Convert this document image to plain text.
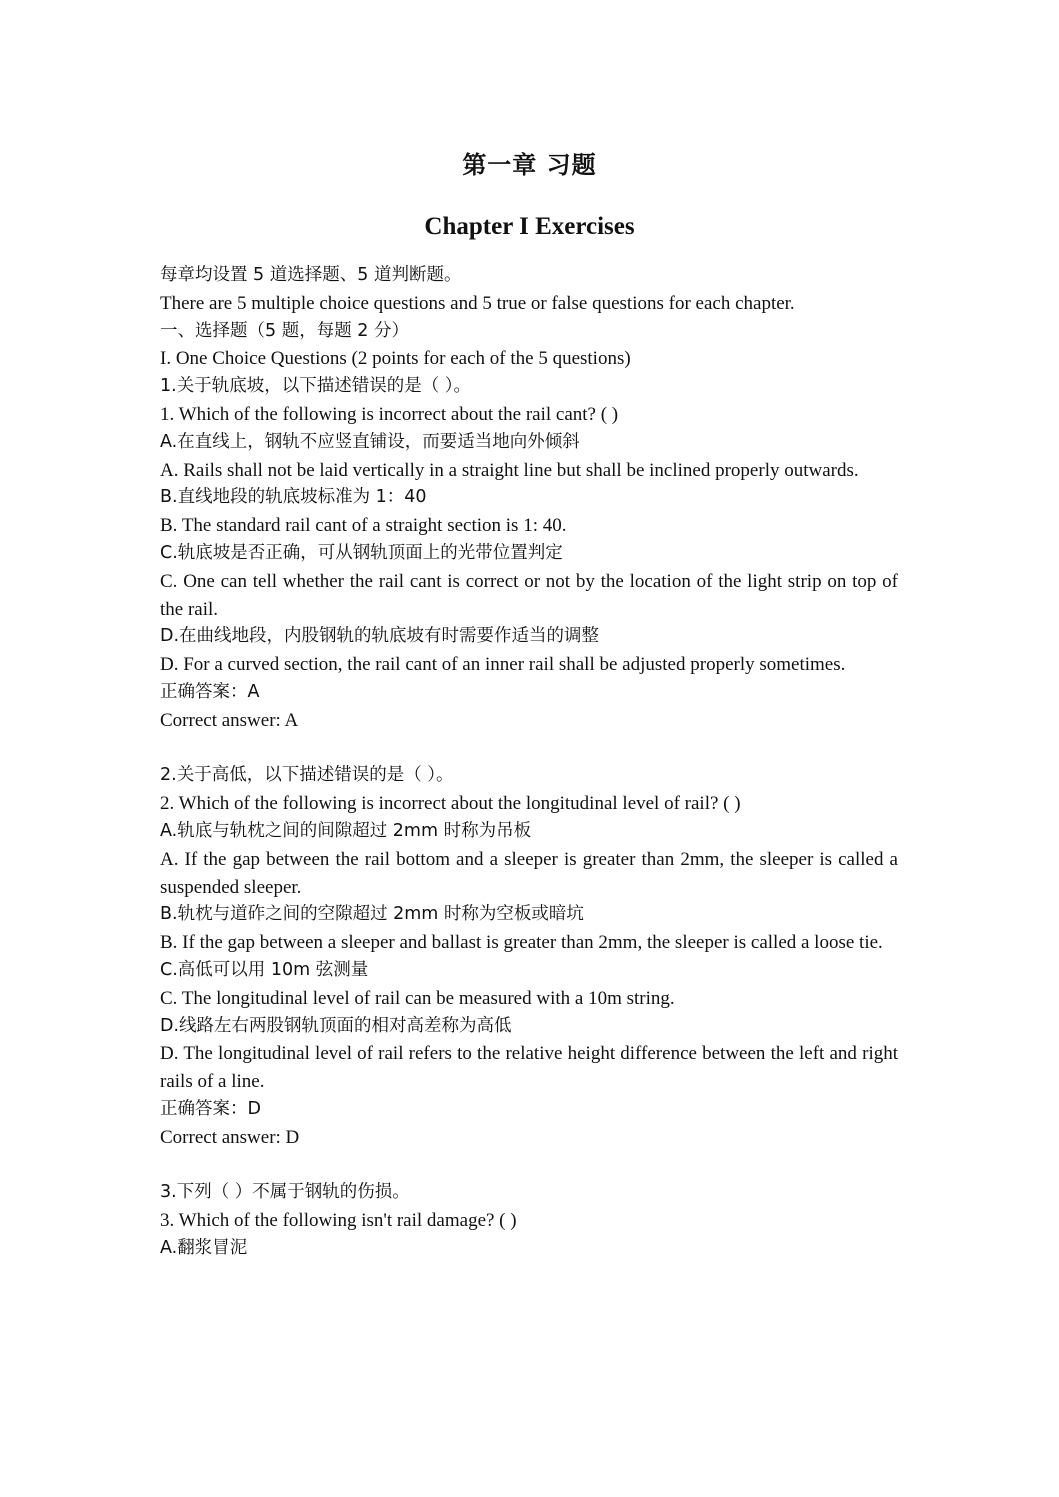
第一章 习题
Chapter I Exercises

每章均设置 5 道选择题、5 道判断题。

There are 5 multiple choice questions and 5 true or false questions for each chapter.

一、选择题（5 题，每题 2 分）

I. One Choice Questions (2 points for each of the 5 questions)

1.关于轨底坡，以下描述错误的是（ ）。

1. Which of the following is incorrect about the rail cant? ( )

A.在直线上，钢轨不应竖直铺设，而要适当地向外倾斜

A. Rails shall not be laid vertically in a straight line but shall be inclined properly outwards.

B.直线地段的轨底坡标准为 1：40

B. The standard rail cant of a straight section is 1: 40.

C.轨底坡是否正确，可从钢轨顶面上的光带位置判定

C. One can tell whether the rail cant is correct or not by the location of the light strip on top of the rail.

D.在曲线地段，内股钢轨的轨底坡有时需要作适当的调整

D. For a curved section, the rail cant of an inner rail shall be adjusted properly sometimes.

正确答案：A

Correct answer: A

2.关于高低，以下描述错误的是（ ）。

2. Which of the following is incorrect about the longitudinal level of rail? ( )

A.轨底与轨枕之间的间隙超过 2mm 时称为吊板

A. If the gap between the rail bottom and a sleeper is greater than 2mm, the sleeper is called a suspended sleeper.

B.轨枕与道砟之间的空隙超过 2mm 时称为空板或暗坑

B. If the gap between a sleeper and ballast is greater than 2mm, the sleeper is called a loose tie.

C.高低可以用 10m 弦测量

C. The longitudinal level of rail can be measured with a 10m string.

D.线路左右两股钢轨顶面的相对高差称为高低

D. The longitudinal level of rail refers to the relative height difference between the left and right rails of a line.

正确答案：D

Correct answer: D

3.下列（ ）不属于钢轨的伤损。

3. Which of the following isn't rail damage? ( )

A.翻浆冒泥
